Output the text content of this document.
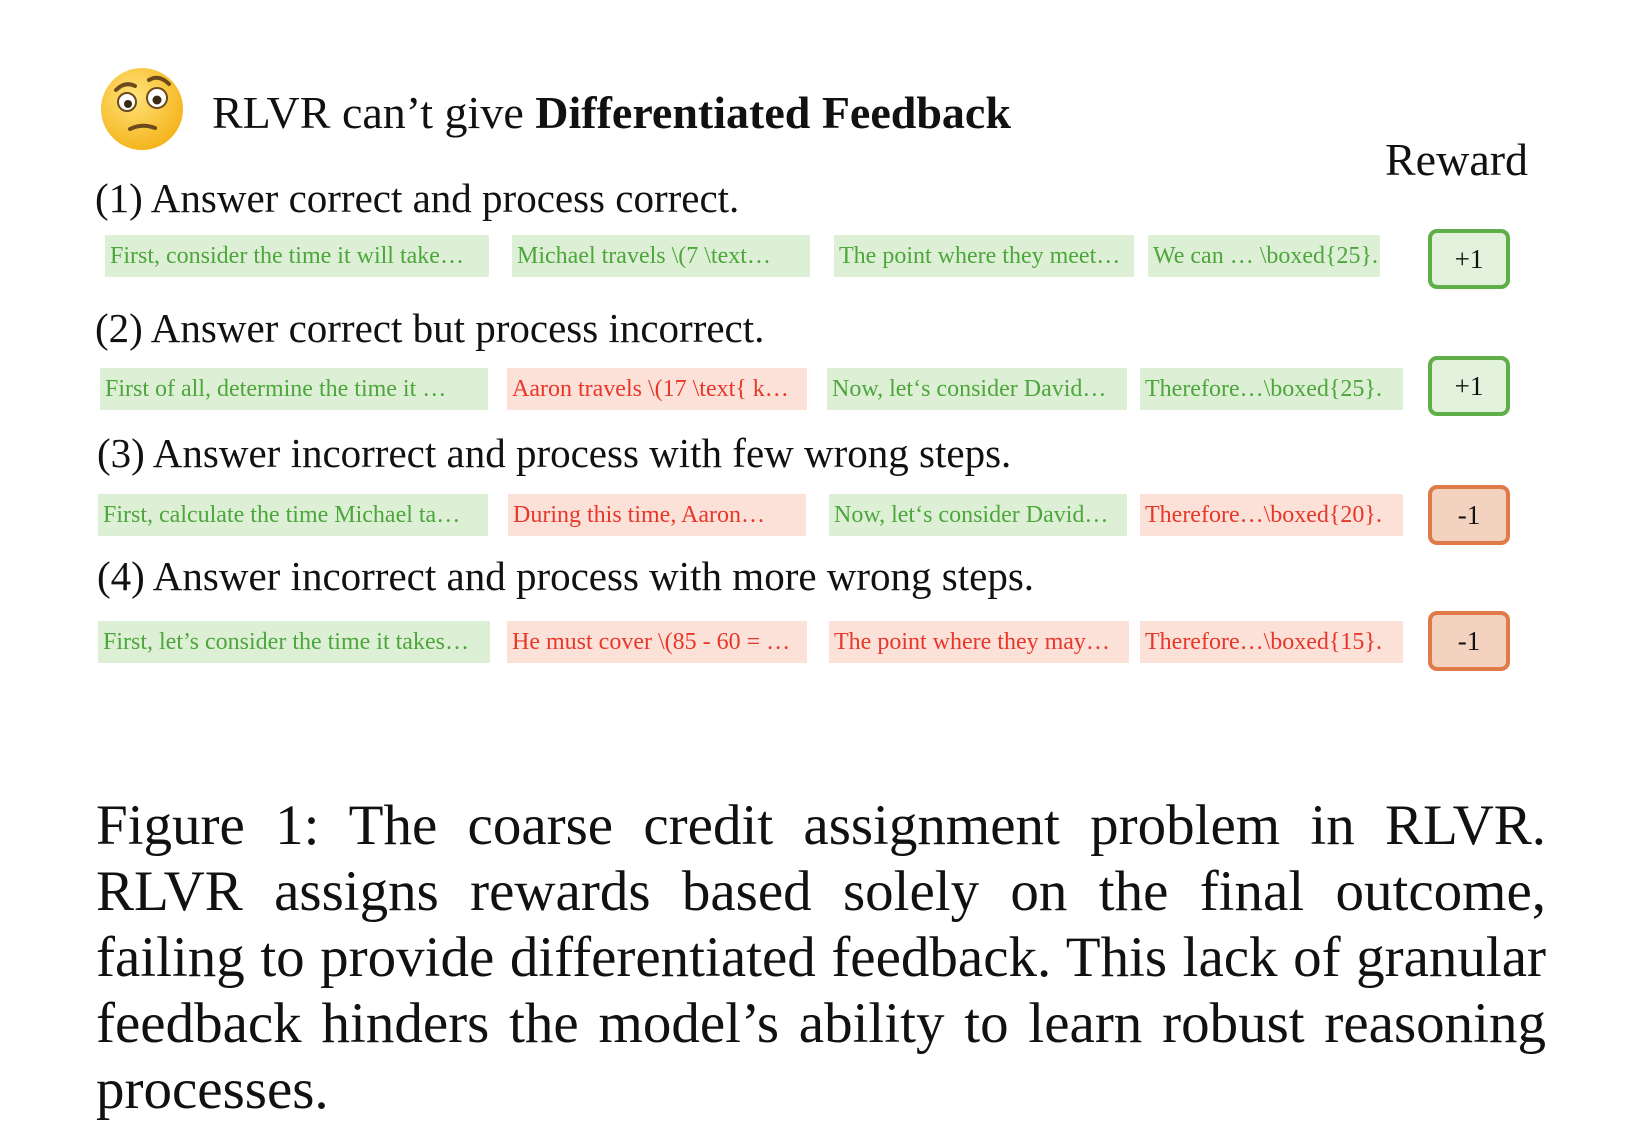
RLVR can’t give Differentiated Feedback
Reward
(1) Answer correct and process correct.
First, consider the time it will take…	Michael travels \(7 \text…	The point where they meet…	We can … \boxed{25}.	+1
(2) Answer correct but process incorrect.
First of all, determine the time it …	Aaron travels \(17 \text{ k…	Now, let‘s consider David…	Therefore…\boxed{25}.	+1
(3) Answer incorrect and process with few wrong steps.
First, calculate the time Michael ta…	During this time, Aaron…	Now, let‘s consider David…	Therefore…\boxed{20}.	-1
(4) Answer incorrect and process with more wrong steps.
First, let’s consider the time it takes…	He must cover \(85 - 60 = …	The point where they may…	Therefore…\boxed{15}.	-1

Figure 1: The coarse credit assignment problem in RLVR. RLVR assigns rewards based solely on the final outcome, failing to provide differentiated feedback. This lack of granular feedback hinders the model’s ability to learn robust reasoning processes.
